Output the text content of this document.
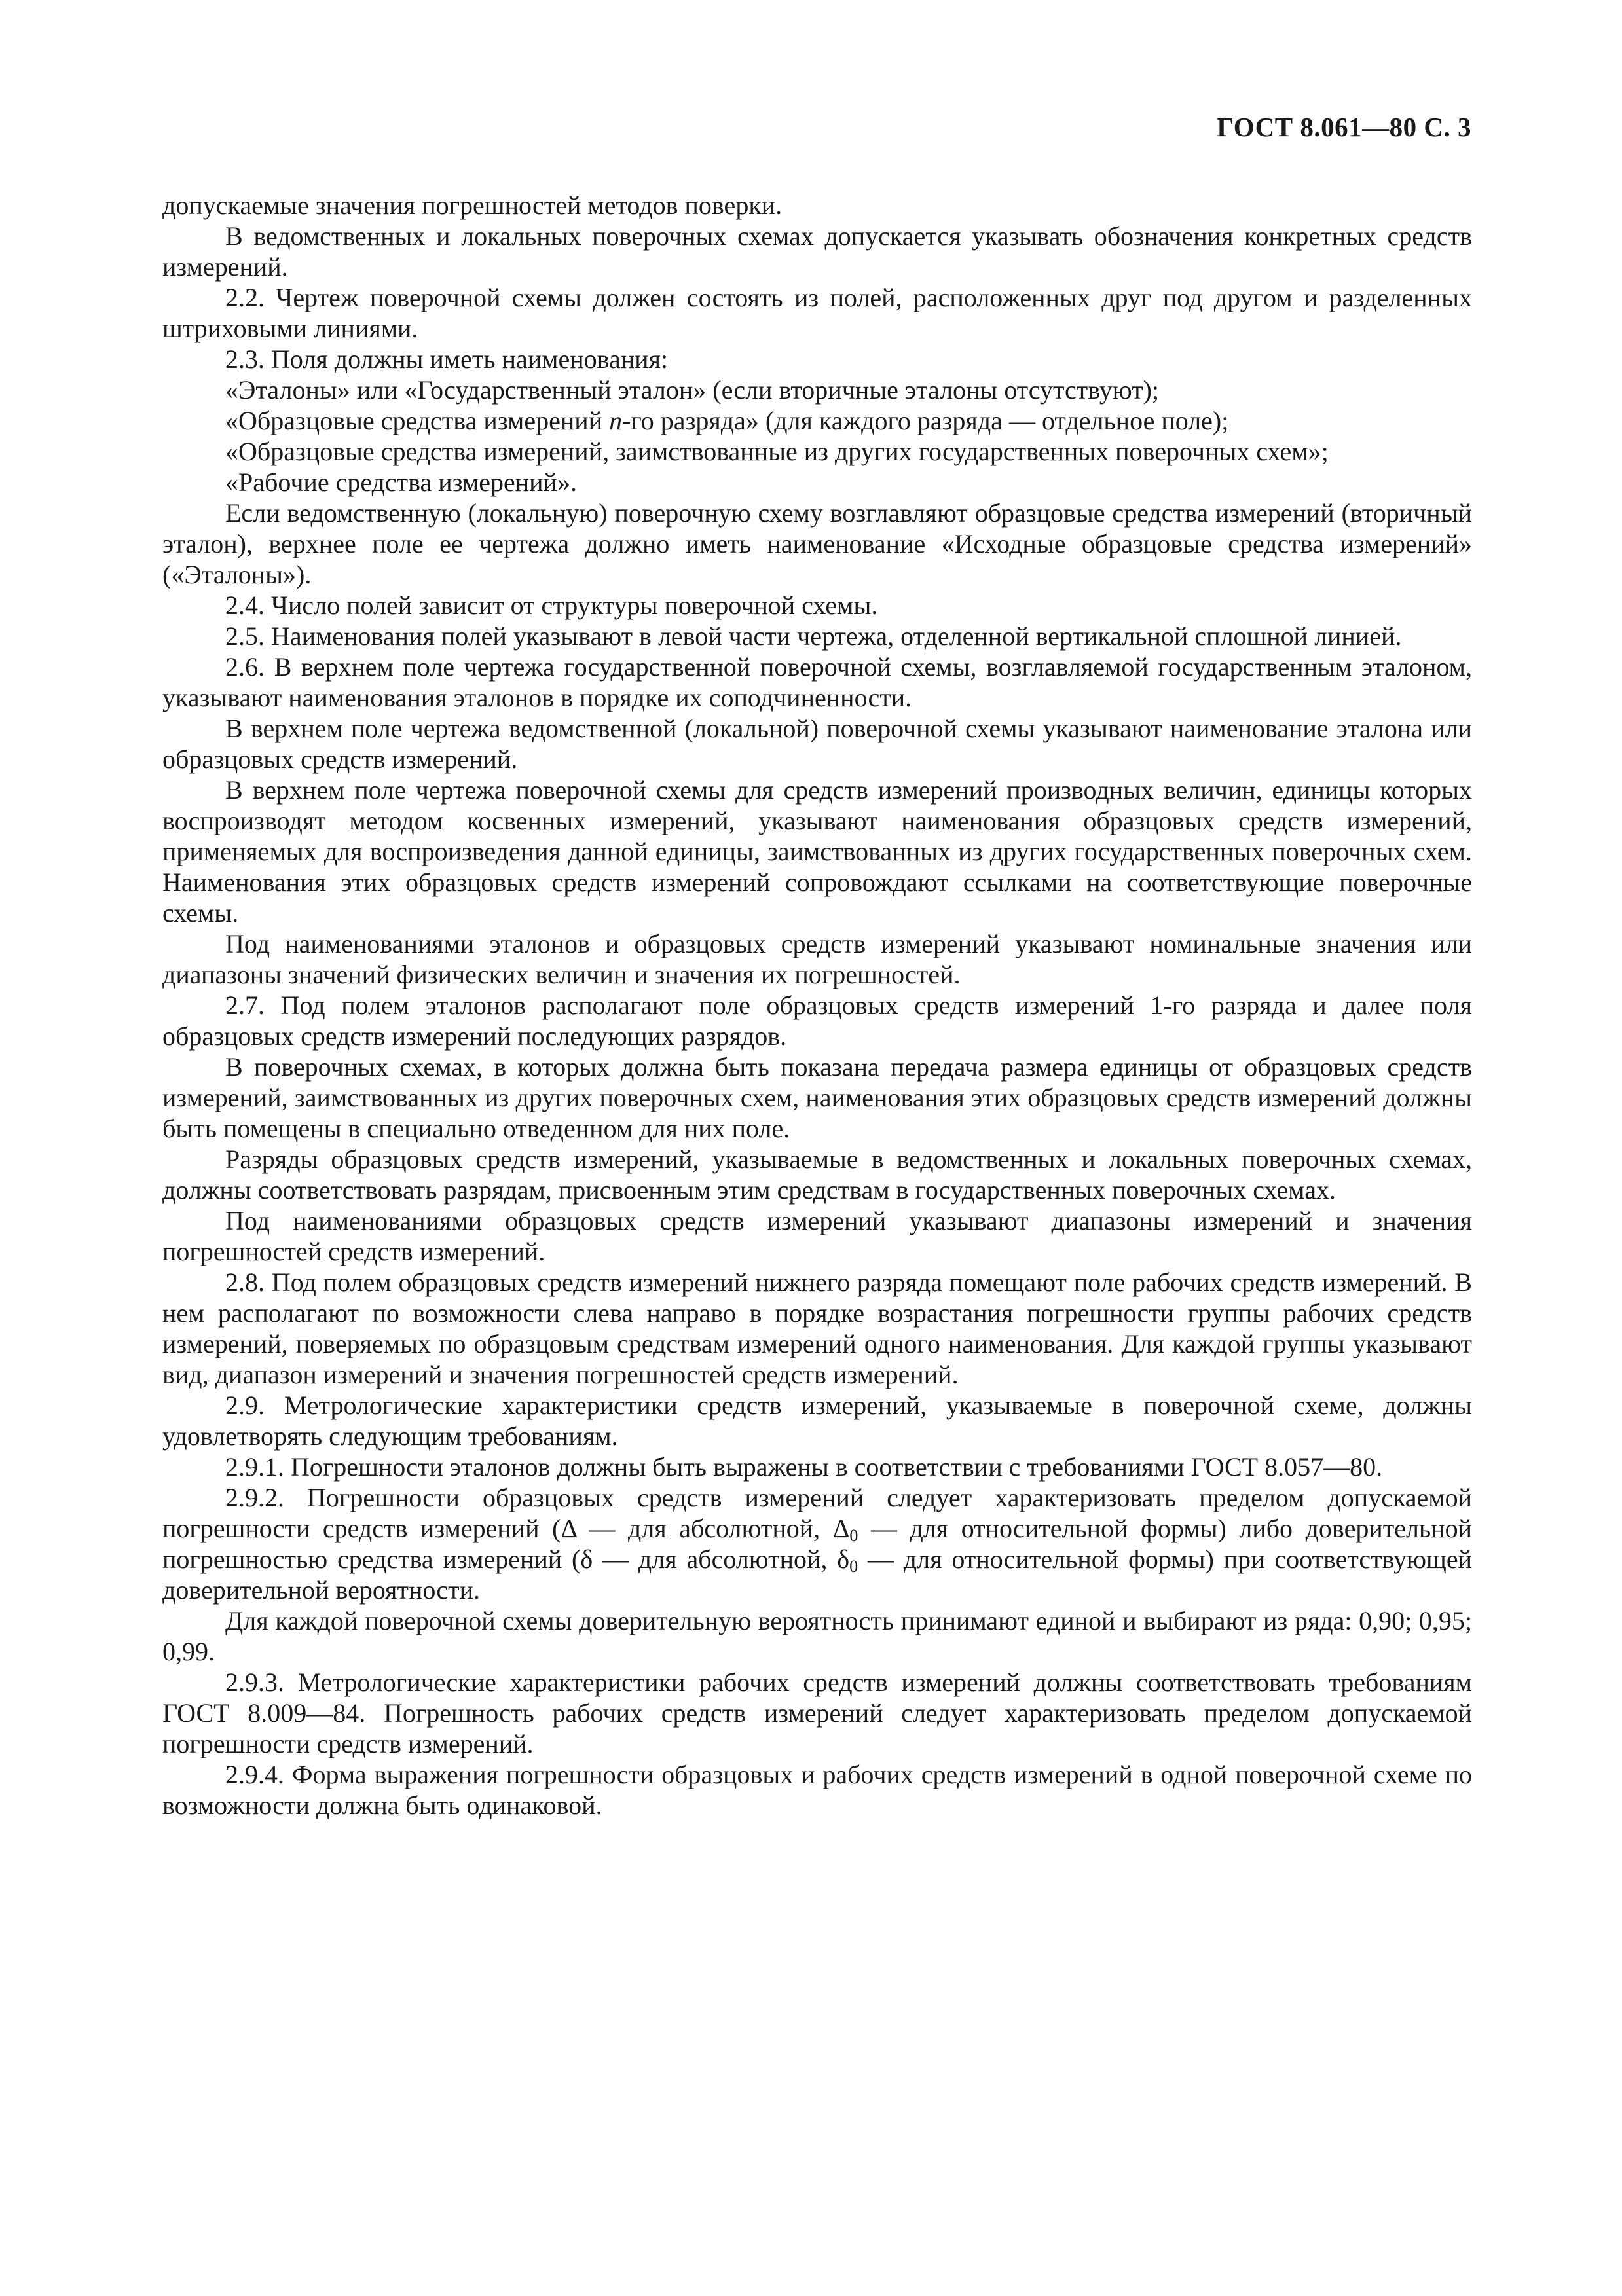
ГОСТ 8.061—80 С. 3

допускаемые значения погрешностей методов поверки.

В ведомственных и локальных поверочных схемах допускается указывать обозначения конкретных средств измерений.

2.2. Чертеж поверочной схемы должен состоять из полей, расположенных друг под другом и разделенных штриховыми линиями.

2.3. Поля должны иметь наименования:

«Эталоны» или «Государственный эталон» (если вторичные эталоны отсутствуют);

«Образцовые средства измерений n-го разряда» (для каждого разряда — отдельное поле);

«Образцовые средства измерений, заимствованные из других государственных поверочных схем»;

«Рабочие средства измерений».

Если ведомственную (локальную) поверочную схему возглавляют образцовые средства измерений (вторичный эталон), верхнее поле ее чертежа должно иметь наименование «Исходные образцовые средства измерений» («Эталоны»).

2.4. Число полей зависит от структуры поверочной схемы.

2.5. Наименования полей указывают в левой части чертежа, отделенной вертикальной сплошной линией.

2.6. В верхнем поле чертежа государственной поверочной схемы, возглавляемой государственным эталоном, указывают наименования эталонов в порядке их соподчиненности.

В верхнем поле чертежа ведомственной (локальной) поверочной схемы указывают наименование эталона или образцовых средств измерений.

В верхнем поле чертежа поверочной схемы для средств измерений производных величин, единицы которых воспроизводят методом косвенных измерений, указывают наименования образцовых средств измерений, применяемых для воспроизведения данной единицы, заимствованных из других государственных поверочных схем. Наименования этих образцовых средств измерений сопровождают ссылками на соответствующие поверочные схемы.

Под наименованиями эталонов и образцовых средств измерений указывают номинальные значения или диапазоны значений физических величин и значения их погрешностей.

2.7. Под полем эталонов располагают поле образцовых средств измерений 1-го разряда и далее поля образцовых средств измерений последующих разрядов.

В поверочных схемах, в которых должна быть показана передача размера единицы от образцовых средств измерений, заимствованных из других поверочных схем, наименования этих образцовых средств измерений должны быть помещены в специально отведенном для них поле.

Разряды образцовых средств измерений, указываемые в ведомственных и локальных поверочных схемах, должны соответствовать разрядам, присвоенным этим средствам в государственных поверочных схемах.

Под наименованиями образцовых средств измерений указывают диапазоны измерений и значения погрешностей средств измерений.

2.8. Под полем образцовых средств измерений нижнего разряда помещают поле рабочих средств измерений. В нем располагают по возможности слева направо в порядке возрастания погрешности группы рабочих средств измерений, поверяемых по образцовым средствам измерений одного наименования. Для каждой группы указывают вид, диапазон измерений и значения погрешностей средств измерений.

2.9. Метрологические характеристики средств измерений, указываемые в поверочной схеме, должны удовлетворять следующим требованиям.

2.9.1. Погрешности эталонов должны быть выражены в соответствии с требованиями ГОСТ 8.057—80.

2.9.2. Погрешности образцовых средств измерений следует характеризовать пределом допускаемой погрешности средств измерений (Δ — для абсолютной, $\Delta_0$ — для относительной формы) либо доверительной погрешностью средства измерений (δ — для абсолютной, $\delta_0$ — для относительной формы) при соответствующей доверительной вероятности.

Для каждой поверочной схемы доверительную вероятность принимают единой и выбирают из ряда: 0,90; 0,95; 0,99.

2.9.3. Метрологические характеристики рабочих средств измерений должны соответствовать требованиям ГОСТ 8.009—84. Погрешность рабочих средств измерений следует характеризовать пределом допускаемой погрешности средств измерений.

2.9.4. Форма выражения погрешности образцовых и рабочих средств измерений в одной поверочной схеме по возможности должна быть одинаковой.
